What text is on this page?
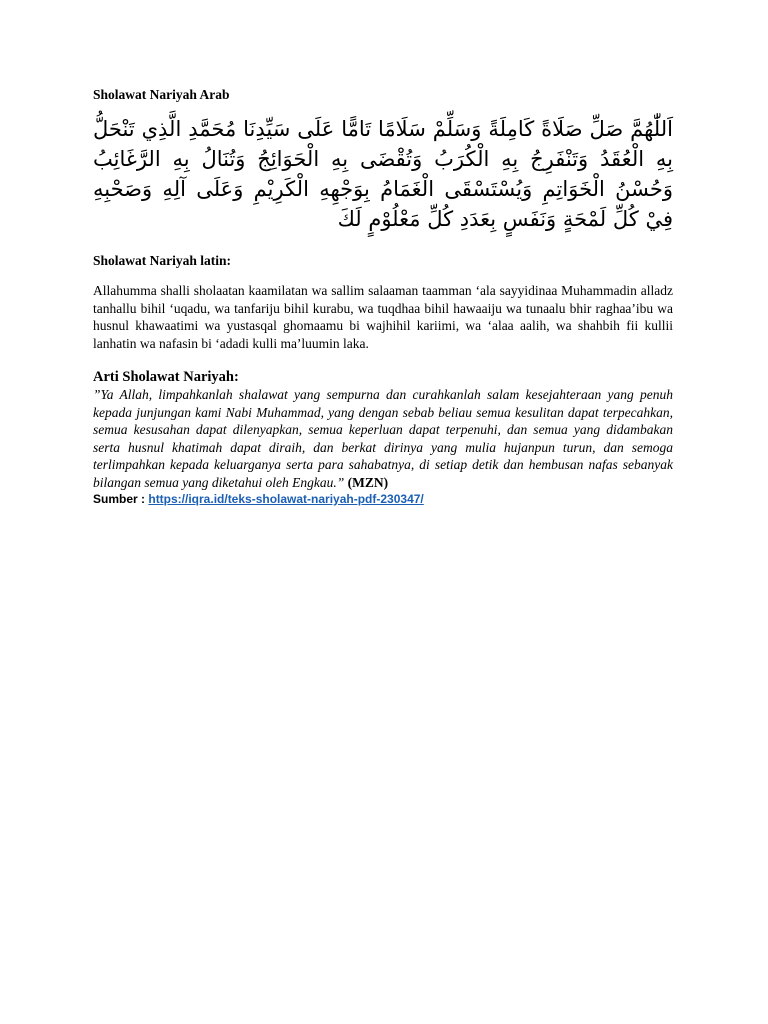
Sholawat Nariyah Arab

اَللّٰهُمَّ صَلِّ صَلَاةً كَامِلَةً وَسَلِّمْ سَلَامًا تَامًّا عَلَى سَيِّدِنَا مُحَمَّدِ الَّذِي تَنْحَلُّ بِهِ الْعُقَدُ وَتَنْفَرِجُ بِهِ الْكُرَبُ وَتُقْضَى بِهِ الْحَوَائِجُ وَتُنَالُ بِهِ الرَّغَائِبُ وَحُسْنُ الْخَوَاتِمِ وَيُسْتَسْقَى الْغَمَامُ بِوَجْهِهِ الْكَرِيْمِ وَعَلَى آلِهِ وَصَحْبِهِ فِيْ كُلِّ لَمْحَةٍ وَنَفَسٍ بِعَدَدِ كُلِّ مَعْلُوْمٍ لَكَ

Sholawat Nariyah latin:

Allahumma shalli sholaatan kaamilatan wa sallim salaaman taamman ‘ala sayyidinaa Muhammadin alladz tanhallu bihil ‘uqadu, wa tanfariju bihil kurabu, wa tuqdhaa bihil hawaaiju wa tunaalu bhir raghaa’ibu wa husnul khawaatimi wa yustasqal ghomaamu bi wajhihil kariimi, wa ‘alaa aalih, wa shahbih fii kullii lanhatin wa nafasin bi ‘adadi kulli ma’luumin laka.

Arti Sholawat Nariyah:

”Ya Allah, limpahkanlah shalawat yang sempurna dan curahkanlah salam kesejahteraan yang penuh kepada junjungan kami Nabi Muhammad, yang dengan sebab beliau semua kesulitan dapat terpecahkan, semua kesusahan dapat dilenyapkan, semua keperluan dapat terpenuhi, dan semua yang didambakan serta husnul khatimah dapat diraih, dan berkat dirinya yang mulia hujanpun turun, dan semoga terlimpahkan kepada keluarganya serta para sahabatnya, di setiap detik dan hembusan nafas sebanyak bilangan semua yang diketahui oleh Engkau.” (MZN)

Sumber : https://iqra.id/teks-sholawat-nariyah-pdf-230347/
